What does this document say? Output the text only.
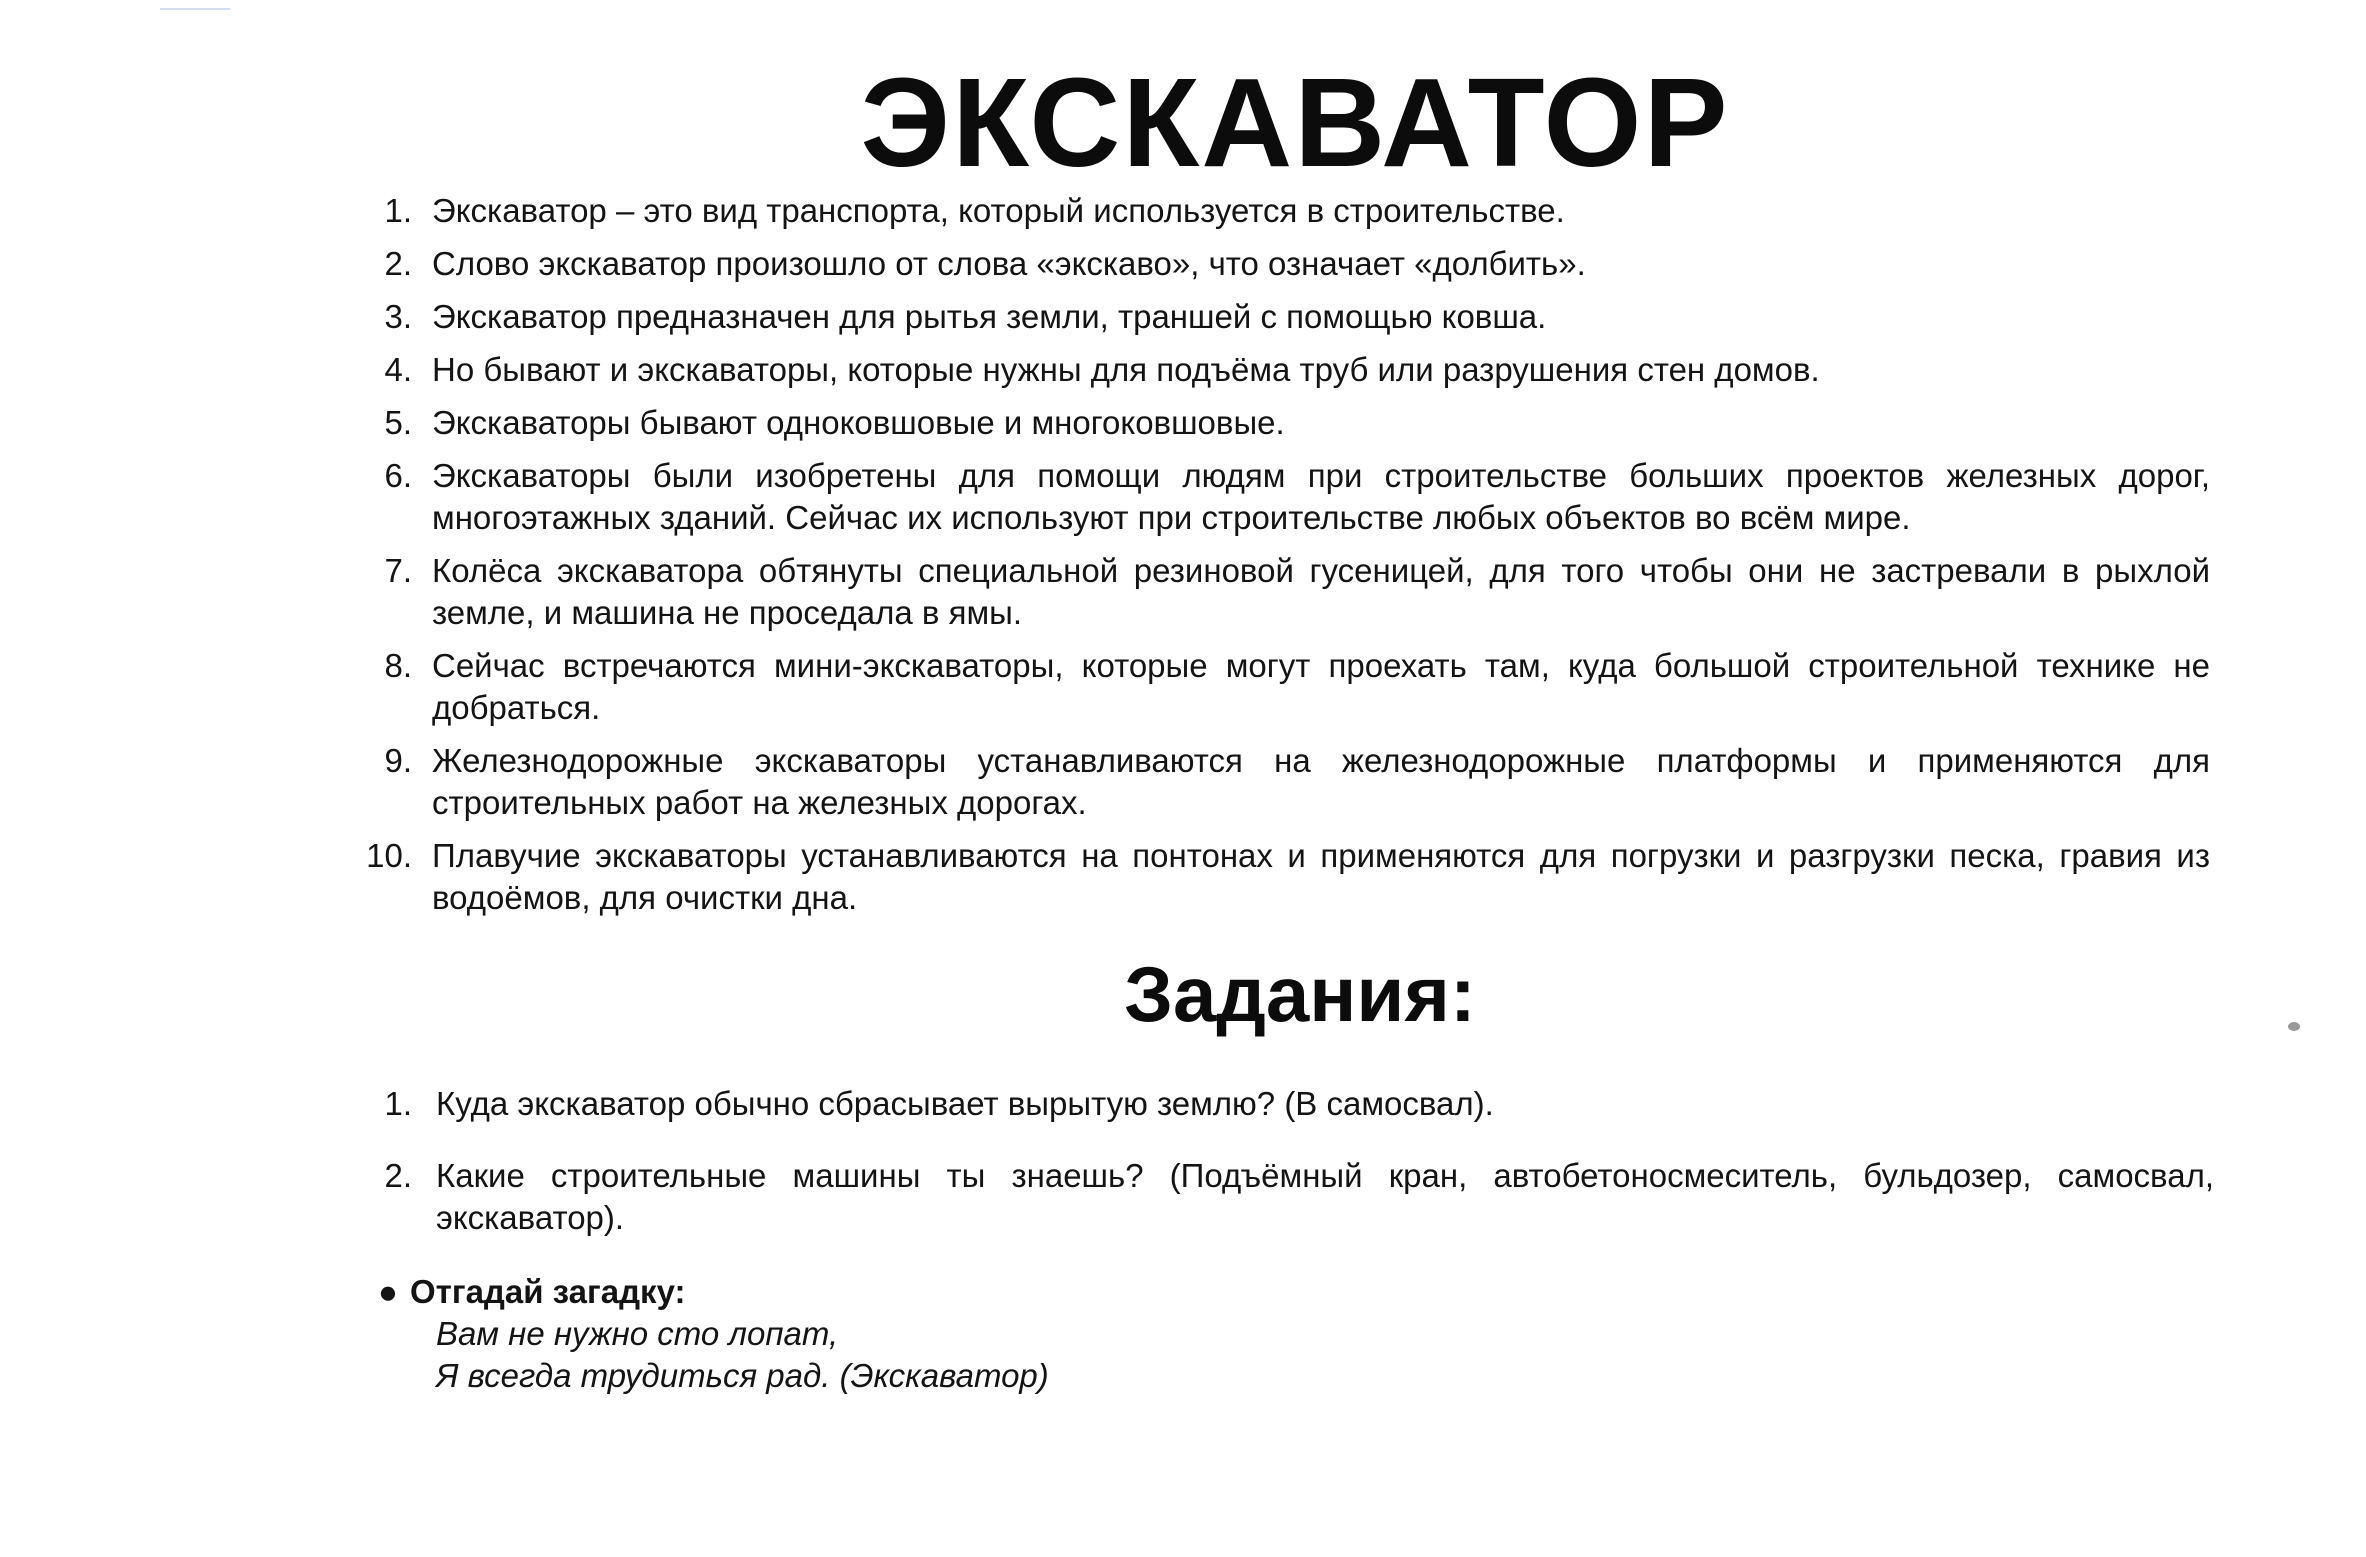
ЭКСКАВАТОР
1. Экскаватор – это вид транспорта, который используется в строительстве.
2. Слово экскаватор произошло от слова «экскаво», что означает «долбить».
3. Экскаватор предназначен для рытья земли, траншей с помощью ковша.
4. Но бывают и экскаваторы, которые нужны для подъёма труб или разрушения стен домов.
5. Экскаваторы бывают одноковшовые и многоковшовые.
6. Экскаваторы были изобретены для помощи людям при строительстве больших проектов железных дорог, многоэтажных зданий. Сейчас их используют при строительстве любых объектов во всём мире.
7. Колёса экскаватора обтянуты специальной резиновой гусеницей, для того чтобы они не застревали в рыхлой земле, и машина не проседала в ямы.
8. Сейчас встречаются мини-экскаваторы, которые могут проехать там, куда большой строительной технике не добраться.
9. Железнодорожные экскаваторы устанавливаются на железнодорожные платформы и применяются для строительных работ на железных дорогах.
10. Плавучие экскаваторы устанавливаются на понтонах и применяются для погрузки и разгрузки песка, гравия из водоёмов, для очистки дна.
Задания:
1. Куда экскаватор обычно сбрасывает вырытую землю? (В самосвал).
2. Какие строительные машины ты знаешь? (Подъёмный кран, автобетоносмеситель, бульдозер, самосвал, экскаватор).
● Отгадай загадку:
Вам не нужно сто лопат,
Я всегда трудиться рад. (Экскаватор)
